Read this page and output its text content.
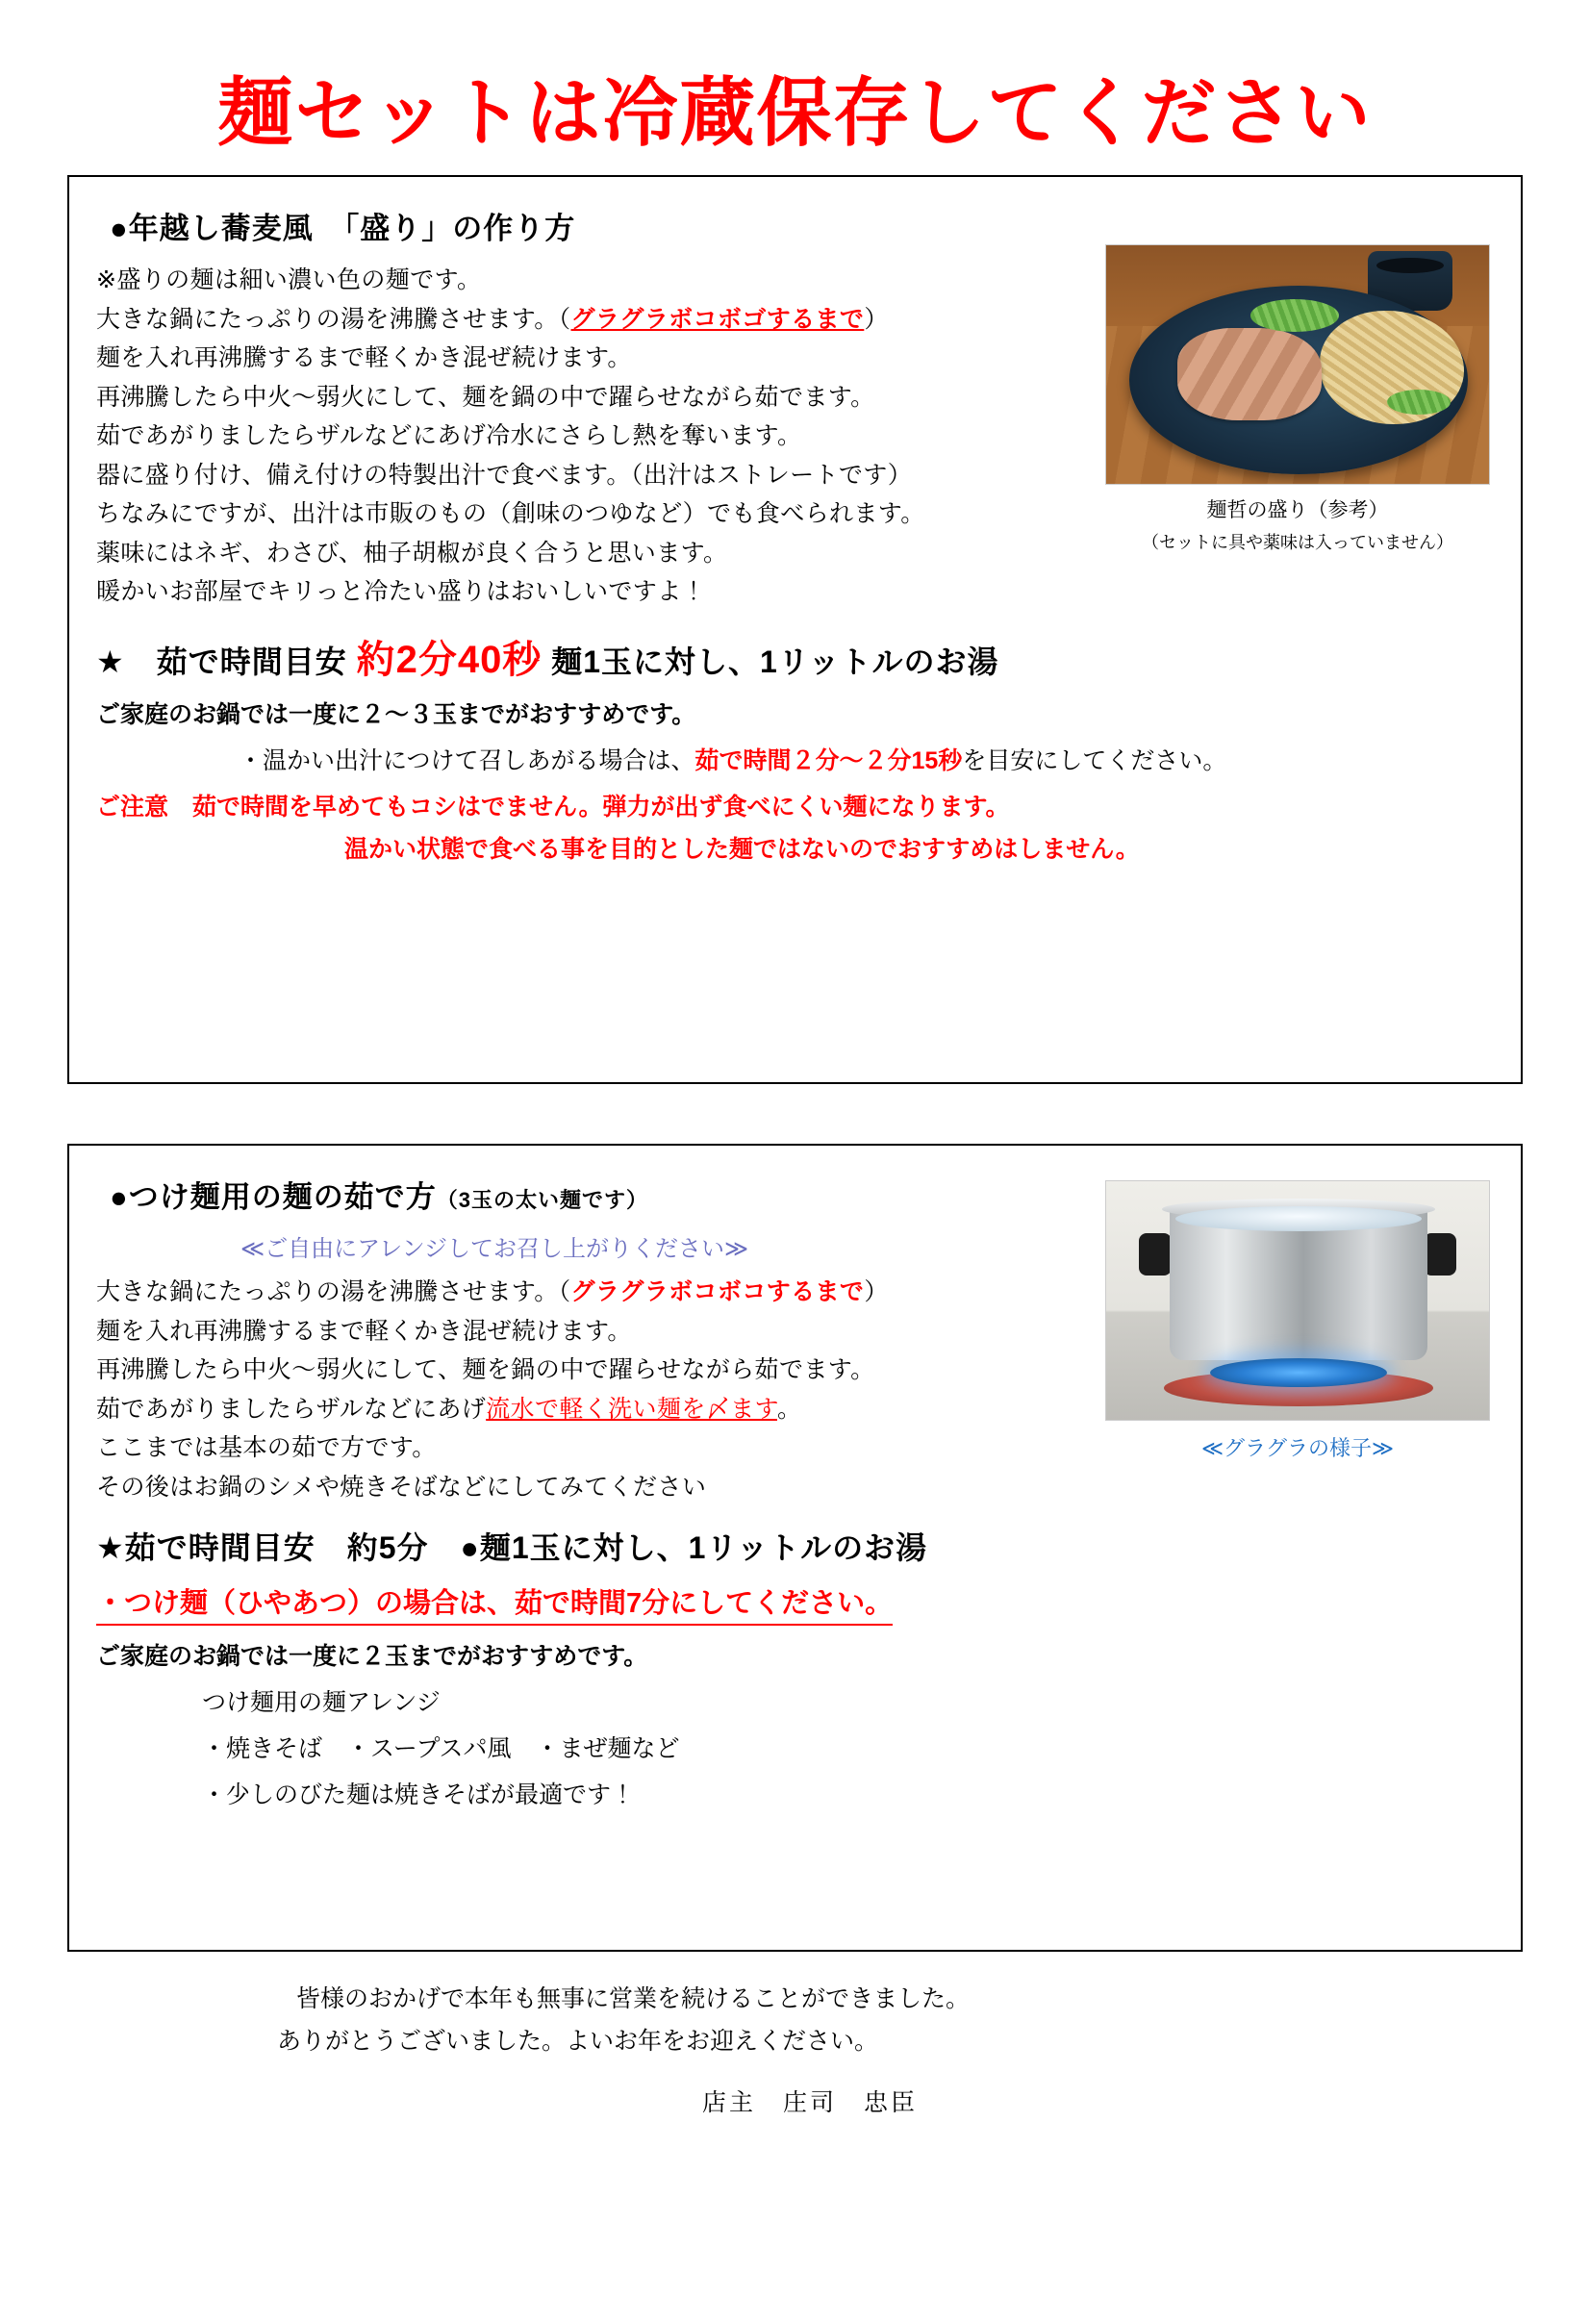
麺セットは冷蔵保存してください
●年越し蕎麦風　「盛り」の作り方
※盛りの麺は細い濃い色の麺です。
大きな鍋にたっぷりの湯を沸騰させます。（グラグラボコボゴするまで）
麺を入れ再沸騰するまで軽くかき混ぜ続けます。
再沸騰したら中火〜弱火にして、麺を鍋の中で躍らせながら茹でます。
茹であがりましたらザルなどにあげ冷水にさらし熱を奪います。
器に盛り付け、備え付けの特製出汁で食べます。（出汁はストレートです）
ちなみにですが、出汁は市販のもの（創味のつゆなど）でも食べられます。
薬味にはネギ、わさび、柚子胡椒が良く合うと思います。
暖かいお部屋でキリっと冷たい盛りはおいしいですよ！
麺哲の盛り（参考）
（セットに具や薬味は入っていません）
★　茹で時間目安 約2分40秒 麺1玉に対し、1リットルのお湯
ご家庭のお鍋では一度に２〜３玉までがおすすめです。
・温かい出汁につけて召しあがる場合は、茹で時間２分〜２分15秒を目安にしてください。
ご注意　茹で時間を早めてもコシはでません。弾力が出ず食べにくい麺になります。
温かい状態で食べる事を目的とした麺ではないのでおすすめはしません。
●つけ麺用の麺の茹で方（3玉の太い麺です）
≪ご自由にアレンジしてお召し上がりください≫
大きな鍋にたっぷりの湯を沸騰させます。（グラグラボコボコするまで）
麺を入れ再沸騰するまで軽くかき混ぜ続けます。
再沸騰したら中火〜弱火にして、麺を鍋の中で躍らせながら茹でます。
茹であがりましたらザルなどにあげ流水で軽く洗い麺を〆ます。
ここまでは基本の茹で方です。
その後はお鍋のシメや焼きそばなどにしてみてください
≪グラグラの様子≫
★茹で時間目安　約5分　●麺1玉に対し、1リットルのお湯
・つけ麺（ひやあつ）の場合は、茹で時間7分にしてください。
ご家庭のお鍋では一度に２玉までがおすすめです。
つけ麺用の麺アレンジ
・焼きそば　・スープスパ風　・まぜ麺など
・少しのびた麺は焼きそばが最適です！
皆様のおかげで本年も無事に営業を続けることができました。
ありがとうございました。よいお年をお迎えください。
店主　庄司　忠臣
